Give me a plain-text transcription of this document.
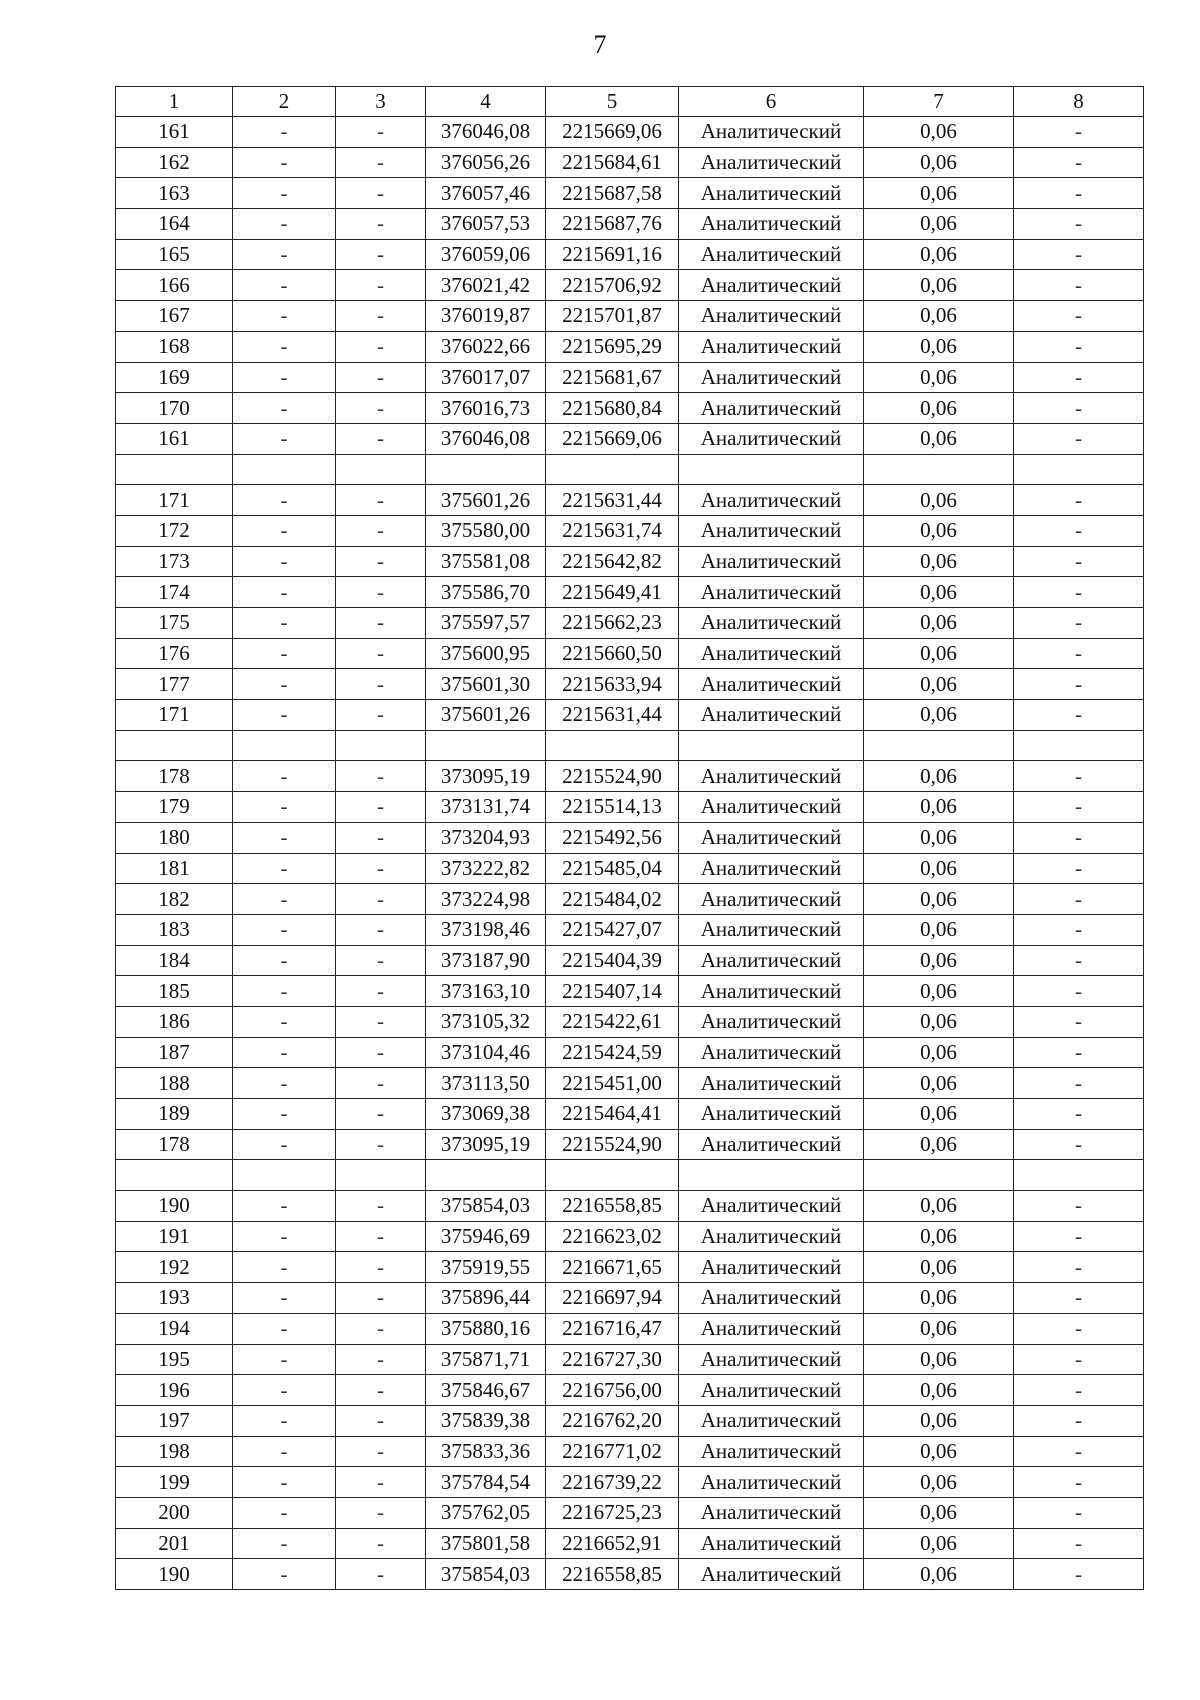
7
1	2	3	4	5	6	7	8
161	-	-	376046,08	2215669,06	Аналитический	0,06	-
162	-	-	376056,26	2215684,61	Аналитический	0,06	-
163	-	-	376057,46	2215687,58	Аналитический	0,06	-
164	-	-	376057,53	2215687,76	Аналитический	0,06	-
165	-	-	376059,06	2215691,16	Аналитический	0,06	-
166	-	-	376021,42	2215706,92	Аналитический	0,06	-
167	-	-	376019,87	2215701,87	Аналитический	0,06	-
168	-	-	376022,66	2215695,29	Аналитический	0,06	-
169	-	-	376017,07	2215681,67	Аналитический	0,06	-
170	-	-	376016,73	2215680,84	Аналитический	0,06	-
161	-	-	376046,08	2215669,06	Аналитический	0,06	-

171	-	-	375601,26	2215631,44	Аналитический	0,06	-
172	-	-	375580,00	2215631,74	Аналитический	0,06	-
173	-	-	375581,08	2215642,82	Аналитический	0,06	-
174	-	-	375586,70	2215649,41	Аналитический	0,06	-
175	-	-	375597,57	2215662,23	Аналитический	0,06	-
176	-	-	375600,95	2215660,50	Аналитический	0,06	-
177	-	-	375601,30	2215633,94	Аналитический	0,06	-
171	-	-	375601,26	2215631,44	Аналитический	0,06	-

178	-	-	373095,19	2215524,90	Аналитический	0,06	-
179	-	-	373131,74	2215514,13	Аналитический	0,06	-
180	-	-	373204,93	2215492,56	Аналитический	0,06	-
181	-	-	373222,82	2215485,04	Аналитический	0,06	-
182	-	-	373224,98	2215484,02	Аналитический	0,06	-
183	-	-	373198,46	2215427,07	Аналитический	0,06	-
184	-	-	373187,90	2215404,39	Аналитический	0,06	-
185	-	-	373163,10	2215407,14	Аналитический	0,06	-
186	-	-	373105,32	2215422,61	Аналитический	0,06	-
187	-	-	373104,46	2215424,59	Аналитический	0,06	-
188	-	-	373113,50	2215451,00	Аналитический	0,06	-
189	-	-	373069,38	2215464,41	Аналитический	0,06	-
178	-	-	373095,19	2215524,90	Аналитический	0,06	-

190	-	-	375854,03	2216558,85	Аналитический	0,06	-
191	-	-	375946,69	2216623,02	Аналитический	0,06	-
192	-	-	375919,55	2216671,65	Аналитический	0,06	-
193	-	-	375896,44	2216697,94	Аналитический	0,06	-
194	-	-	375880,16	2216716,47	Аналитический	0,06	-
195	-	-	375871,71	2216727,30	Аналитический	0,06	-
196	-	-	375846,67	2216756,00	Аналитический	0,06	-
197	-	-	375839,38	2216762,20	Аналитический	0,06	-
198	-	-	375833,36	2216771,02	Аналитический	0,06	-
199	-	-	375784,54	2216739,22	Аналитический	0,06	-
200	-	-	375762,05	2216725,23	Аналитический	0,06	-
201	-	-	375801,58	2216652,91	Аналитический	0,06	-
190	-	-	375854,03	2216558,85	Аналитический	0,06	-
